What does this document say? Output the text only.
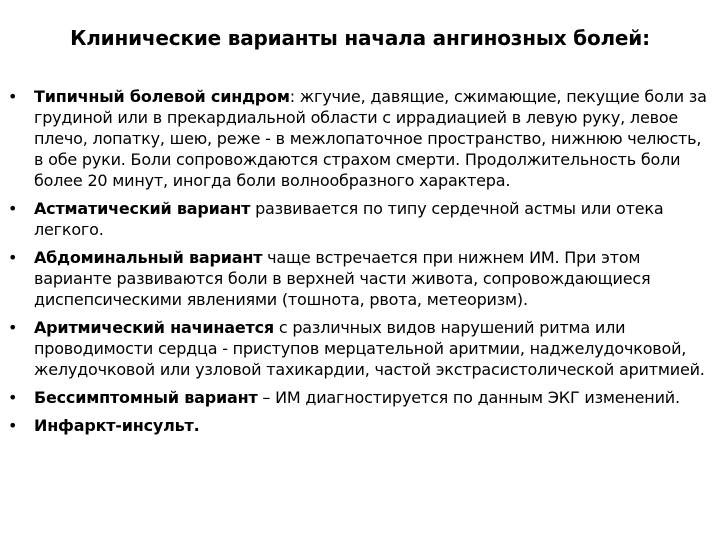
Клинические варианты начала ангинозных болей:
• Типичный болевой синдром: жгучие, давящие, сжимающие, пекущие боли за грудиной или в прекардиальной области с иррадиацией в левую руку, левое плечо, лопатку, шею, реже - в межлопаточное пространство, нижнюю челюсть, в обе руки. Боли сопровождаются страхом смерти. Продолжительность боли более 20 минут, иногда боли волнообразного характера.
• Астматический вариант развивается по типу сердечной астмы или отека легкого.
• Абдоминальный вариант чаще встречается при нижнем ИМ. При этом варианте развиваются боли в верхней части живота, сопровождающиеся диспепсическими явлениями (тошнота, рвота, метеоризм).
• Аритмический начинается с различных видов нарушений ритма или проводимости сердца - приступов мерцательной аритмии, наджелудочковой, желудочковой или узловой тахикардии, частой экстрасистолической аритмией.
• Бессимптомный вариант – ИМ диагностируется по данным ЭКГ изменений.
• Инфаркт-инсульт.
